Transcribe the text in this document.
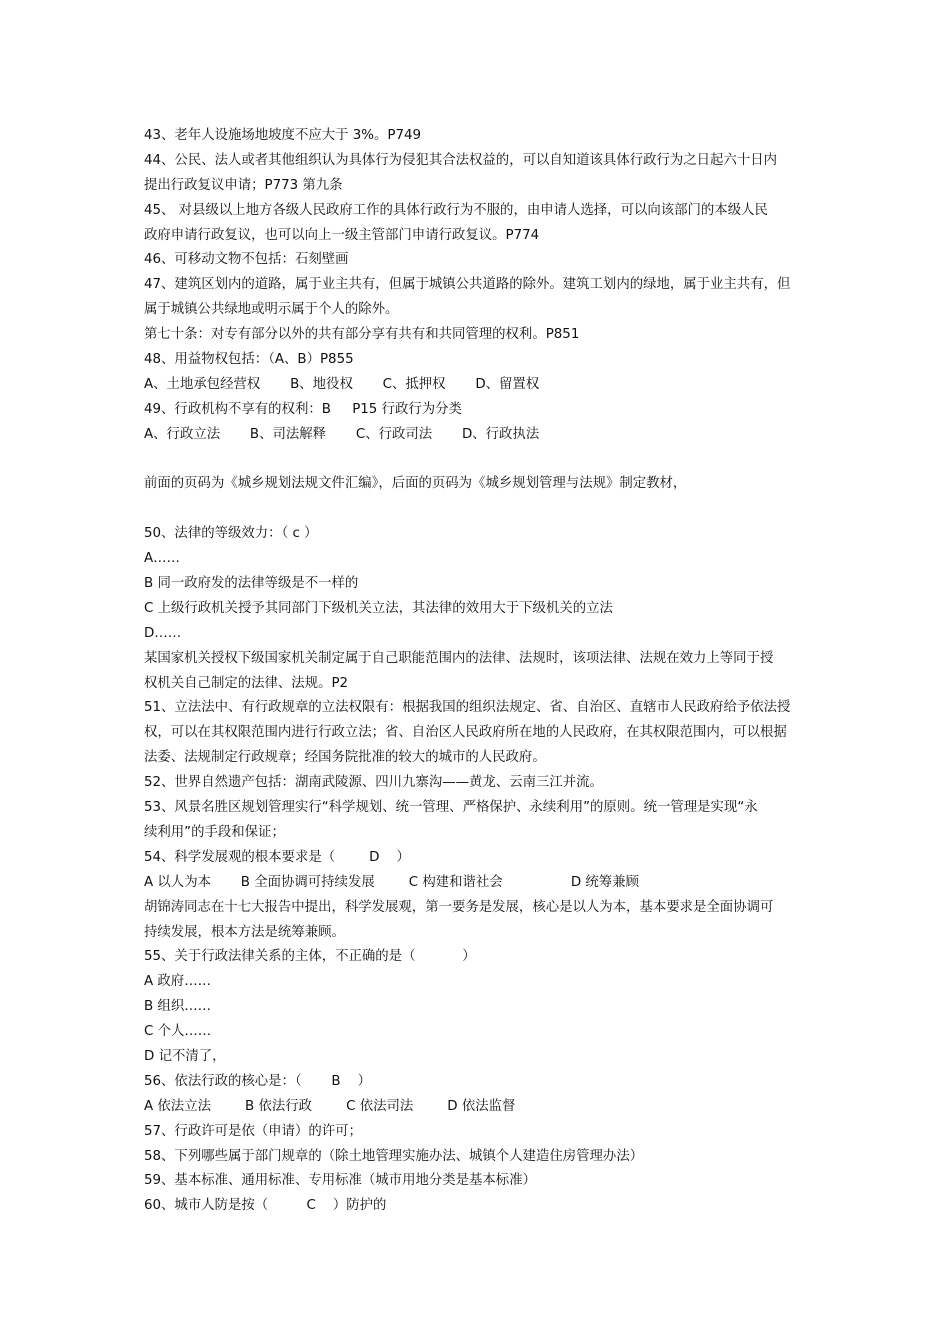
43、老年人设施场地坡度不应大于 3%。P749
44、公民、法人或者其他组织认为具体行为侵犯其合法权益的，可以自知道该具体行政行为之日起六十日内
提出行政复议申请；P773 第九条
45、 对县级以上地方各级人民政府工作的具体行政行为不服的，由申请人选择，可以向该部门的本级人民
政府申请行政复议，也可以向上一级主管部门申请行政复议。P774
46、可移动文物不包括：石刻壁画
47、建筑区划内的道路，属于业主共有，但属于城镇公共道路的除外。建筑工划内的绿地，属于业主共有，但
属于城镇公共绿地或明示属于个人的除外。
第七十条：对专有部分以外的共有部分享有共有和共同管理的权利。P851
48、用益物权包括：（A、B）P855
A、土地承包经营权       B、地役权       C、抵押权       D、留置权
49、行政机构不享有的权利：B     P15 行政行为分类
A、行政立法       B、司法解释       C、行政司法       D、行政执法
前面的页码为《城乡规划法规文件汇编》，后面的页码为《城乡规划管理与法规》制定教材，
50、法律的等级效力：（ c ）
A……
B 同一政府发的法律等级是不一样的
C 上级行政机关授予其同部门下级机关立法，其法律的效用大于下级机关的立法
D……
某国家机关授权下级国家机关制定属于自己职能范围内的法律、法规时，该项法律、法规在效力上等同于授
权机关自己制定的法律、法规。P2
51、立法法中、有行政规章的立法权限有：根据我国的组织法规定、省、自治区、直辖市人民政府给予依法授
权，可以在其权限范围内进行行政立法；省、自治区人民政府所在地的人民政府，在其权限范围内，可以根据
法委、法规制定行政规章；经国务院批准的较大的城市的人民政府。
52、世界自然遗产包括：湖南武陵源、四川九寨沟——黄龙、云南三江并流。
53、风景名胜区规划管理实行“科学规划、统一管理、严格保护、永续利用”的原则。统一管理是实现“永
续利用”的手段和保证；
54、科学发展观的根本要求是（        D    ）
A 以人为本       B 全面协调可持续发展        C 构建和谐社会                D 统筹兼顾
胡锦涛同志在十七大报告中提出，科学发展观，第一要务是发展，核心是以人为本，基本要求是全面协调可
持续发展，根本方法是统筹兼顾。
55、关于行政法律关系的主体，不正确的是（           ）
A 政府……
B 组织……
C 个人……
D 记不清了，
56、依法行政的核心是：（       B    ）
A 依法立法        B 依法行政        C 依法司法        D 依法监督
57、行政许可是依（申请）的许可；
58、下列哪些属于部门规章的（除土地管理实施办法、城镇个人建造住房管理办法）
59、基本标准、通用标准、专用标准（城市用地分类是基本标准）
60、城市人防是按（         C    ）防护的
